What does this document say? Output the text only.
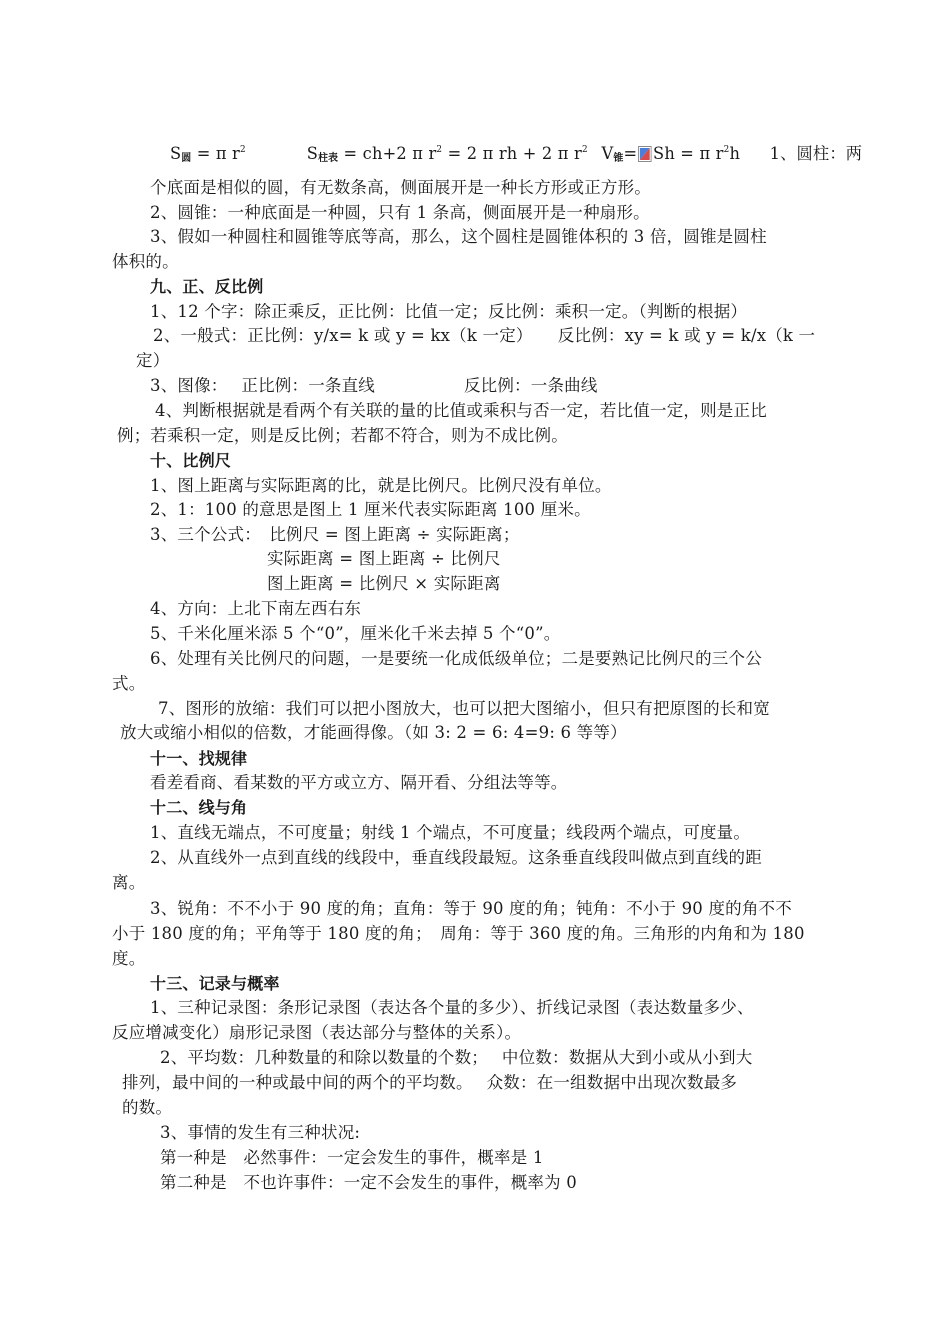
$S_圆 = \pi$ $r^2$	$S_{柱表} = ch+2$ π $r^2 = 2$ π rh + 2 π $r^2$ $V_锥= Sh = \pi$ $r^2h$ 1、圆柱：两
个底面是相似的圆，有无数条高，侧面展开是一种长方形或正方形。
2、圆锥：一种底面是一种圆，只有 1 条高，侧面展开是一种扇形。
3、假如一种圆柱和圆锥等底等高，那么，这个圆柱是圆锥体积的 3 倍，圆锥是圆柱
体积的。
九、正、反比例
1、12 个字：除正乘反，正比例：比值一定；反比例：乘积一定。（判断的根据）
2、一般式：正比例：y/x= k 或 y = kx（k 一定）　　反比例：xy = k 或 y = k/x（k 一
定）
3、图像：　 正比例：一条直线　　　　　 反比例：一条曲线
4、判断根据就是看两个有关联的量的比值或乘积与否一定，若比值一定，则是正比
例；若乘积一定，则是反比例；若都不符合，则为不成比例。
十、比例尺
1、图上距离与实际距离的比，就是比例尺。比例尺没有单位。
2、1：100 的意思是图上 1 厘米代表实际距离 100 厘米。
3、三个公式：　比例尺 = 图上距离 ÷ 实际距离；
实际距离 = 图上距离 ÷ 比例尺
图上距离 = 比例尺 × 实际距离
4、方向：上北下南左西右东
5、千米化厘米添 5 个“0”，厘米化千米去掉 5 个“0”。
6、处理有关比例尺的问题，一是要统一化成低级单位；二是要熟记比例尺的三个公
式。
7、图形的放缩：我们可以把小图放大，也可以把大图缩小，但只有把原图的长和宽
放大或缩小相似的倍数，才能画得像。（如 3: 2 = 6: 4=9: 6 等等）
十一、找规律
看差看商、看某数的平方或立方、隔开看、分组法等等。
十二、线与角
1、直线无端点，不可度量；射线 1 个端点，不可度量；线段两个端点，可度量。
2、从直线外一点到直线的线段中，垂直线段最短。这条垂直线段叫做点到直线的距
离。
3、锐角：不不小于 90 度的角；直角：等于 90 度的角；钝角：不小于 90 度的角不不
小于 180 度的角；平角等于 180 度的角；　周角：等于 360 度的角。三角形的内角和为 180
度。
十三、记录与概率
1、三种记录图：条形记录图（表达各个量的多少）、折线记录图（表达数量多少、
反应增减变化）扇形记录图（表达部分与整体的关系）。
2、平均数：几种数量的和除以数量的个数；　 中位数：数据从大到小或从小到大
排列，最中间的一种或最中间的两个的平均数。　 众数：在一组数据中出现次数最多
的数。
3、事情的发生有三种状况:
第一种是　必然事件：一定会发生的事件，概率是 1
第二种是　不也许事件：一定不会发生的事件，概率为 0
